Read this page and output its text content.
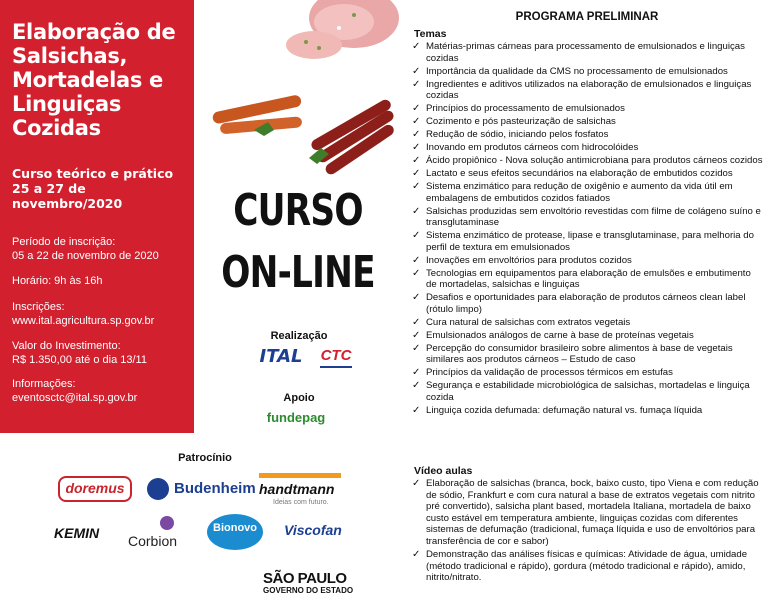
Elaboração de Salsichas, Mortadelas e Linguiças Cozidas
Curso teórico e prático
25 a 27 de novembro/2020
Período de inscrição:
05 a 22 de novembro de 2020
Horário: 9h às 16h
Inscrições:
www.ital.agricultura.sp.gov.br
Valor do Investimento:
R$ 1.350,00 até o dia 13/11
Informações:
eventosctc@ital.sp.gov.br
CURSO
ON-LINE
Realização
Apoio
ITAL	CTC
fundepag
Patrocínio
doremus	Budenheim handtmann
Ideias com futuro.
KEMIN Corbion
Bionovo	Viscofan
SÃO PAULO
GOVERNO DO ESTADO
PROGRAMA PRELIMINAR
Temas
✓ Matérias-primas cárneas para processamento de emulsionados e linguiças cozidas
✓ Importância da qualidade da CMS no processamento de emulsionados
✓ Ingredientes e aditivos utilizados na elaboração de emulsionados e linguiças cozidas
✓ Princípios do processamento de emulsionados
✓ Cozimento e pós pasteurização de salsichas
✓ Redução de sódio, iniciando pelos fosfatos
✓ Inovando em produtos cárneos com hidrocolóides
✓ Ácido propiônico - Nova solução antimicrobiana para produtos cárneos cozidos
✓ Lactato e seus efeitos secundários na elaboração de embutidos cozidos
✓ Sistema enzimático para redução de oxigênio e aumento da vida útil em embalagens de embutidos cozidos fatiados
✓ Salsichas produzidas sem envoltório revestidas com filme de colágeno suíno e transglutaminase
✓ Sistema enzimático de protease, lipase e transglutaminase, para melhoria do perfil de textura em emulsionados
✓ Inovações em envoltórios para produtos cozidos
✓ Tecnologias em equipamentos para elaboração de emulsões e embutimento de mortadelas, salsichas e linguiças
✓ Desafios e oportunidades para elaboração de produtos cárneos clean label (rótulo limpo)
✓ Cura natural de salsichas com extratos vegetais
✓ Emulsionados análogos de carne à base de proteínas vegetais
✓ Percepção do consumidor brasileiro sobre alimentos à base de vegetais similares aos produtos cárneos – Estudo de caso
✓ Princípios da validação de processos térmicos em estufas
✓ Segurança e estabilidade microbiológica de salsichas, mortadelas e linguiça cozida
✓ Linguiça cozida defumada: defumação natural vs. fumaça líquida
Vídeo aulas
✓ Elaboração de salsichas (branca, bock, baixo custo, tipo Viena e com redução de sódio, Frankfurt e com cura natural a base de extratos vegetais com nitrito pré convertido), salsicha plant based, mortadela Italiana, mortadela de baixo custo estável em temperatura ambiente, linguiças cozidas com diferentes sistemas de defumação (tradicional, fumaça líquida e uso de envoltórios para transferência de cor e sabor)
✓ Demonstração das análises físicas e químicas: Atividade de água, umidade (método tradicional e rápido), gordura (método tradicional e rápido), amido, nitrito/nitrato.
